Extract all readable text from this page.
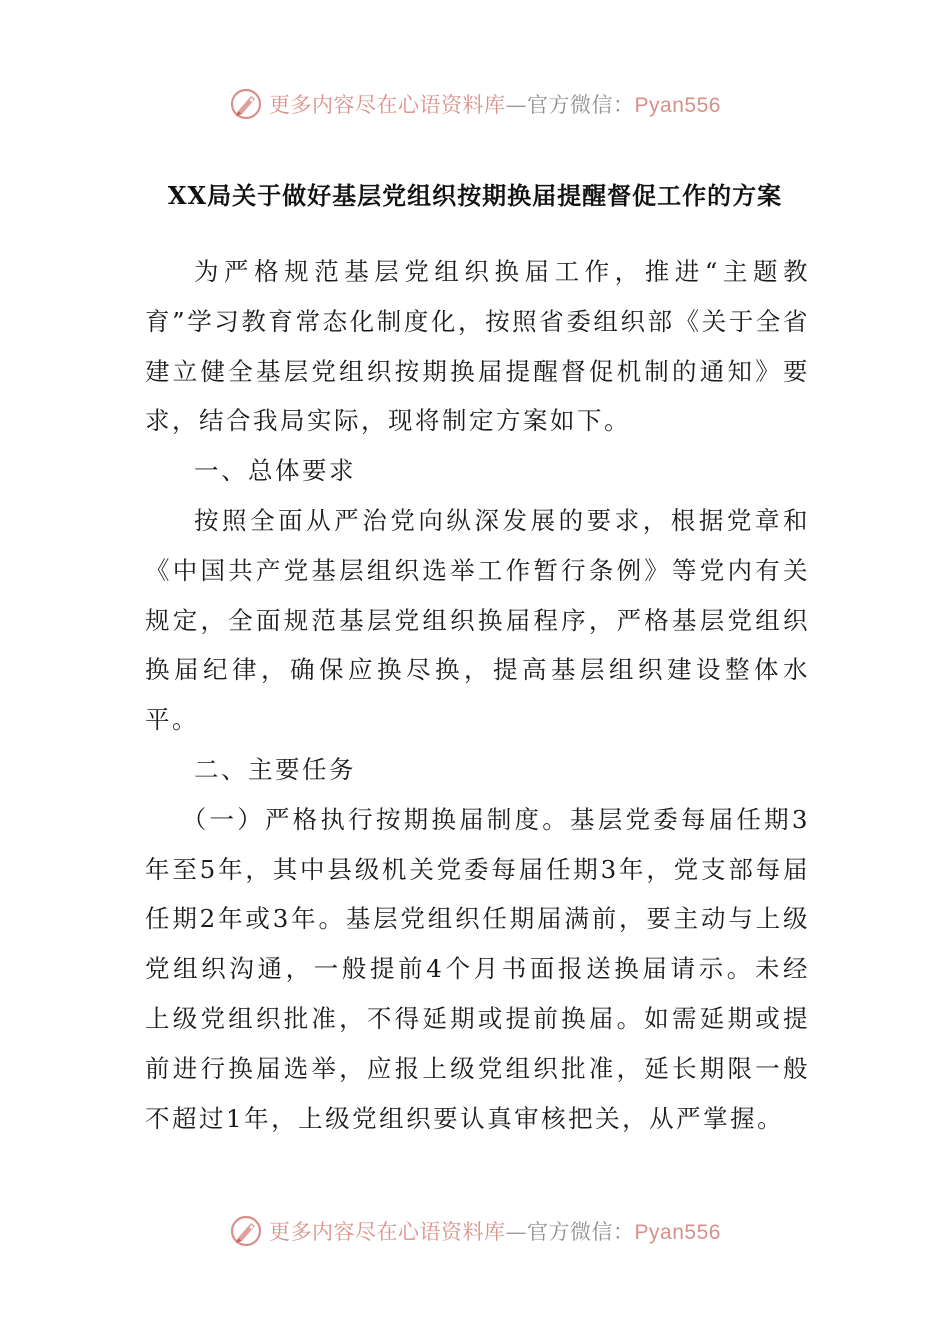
更多内容尽在心语资料库—官方微信：Pyan556
XX局关于做好基层党组织按期换届提醒督促工作的方案

为严格规范基层党组织换届工作，推进“主题教育”学习教育常态化制度化，按照省委组织部《关于全省建立健全基层党组织按期换届提醒督促机制的通知》要求，结合我局实际，现将制定方案如下。

一、总体要求

按照全面从严治党向纵深发展的要求，根据党章和《中国共产党基层组织选举工作暂行条例》等党内有关规定，全面规范基层党组织换届程序，严格基层党组织换届纪律，确保应换尽换，提高基层组织建设整体水平。

二、主要任务

（一）严格执行按期换届制度。基层党委每届任期3年至5年，其中县级机关党委每届任期3年，党支部每届任期2年或3年。基层党组织任期届满前，要主动与上级党组织沟通，一般提前4个月书面报送换届请示。未经上级党组织批准，不得延期或提前换届。如需延期或提前进行换届选举，应报上级党组织批准，延长期限一般不超过1年，上级党组织要认真审核把关，从严掌握。

更多内容尽在心语资料库—官方微信：Pyan556
